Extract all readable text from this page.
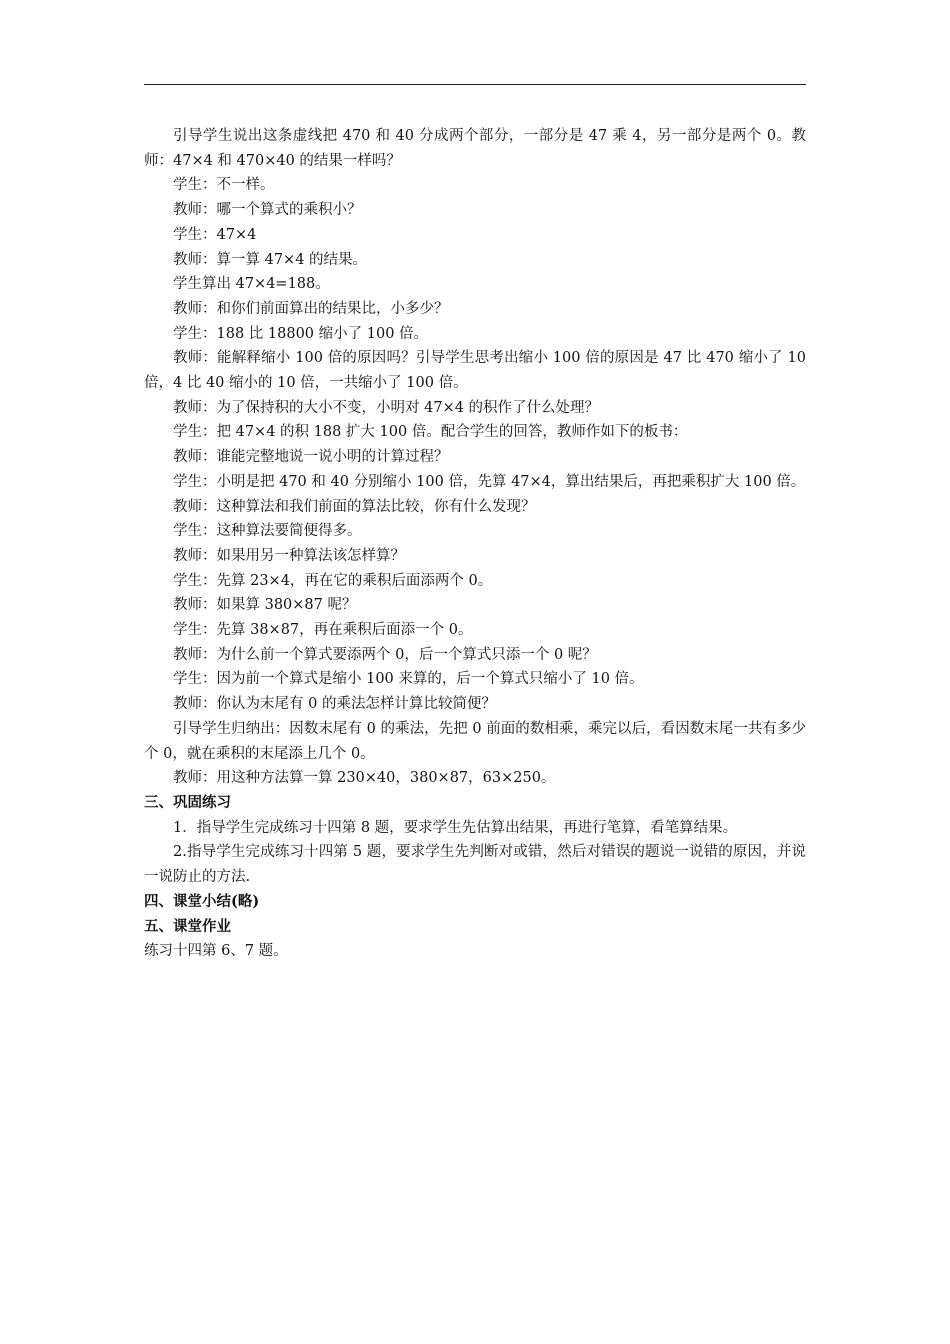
引导学生说出这条虚线把 470 和 40 分成两个部分，一部分是 47 乘 4，另一部分是两个 0。教师：47×4 和 470×40 的结果一样吗？

学生：不一样。

教师：哪一个算式的乘积小？

学生：47×4

教师：算一算 47×4 的结果。

学生算出 47×4=188。

教师：和你们前面算出的结果比，小多少？

学生：188 比 18800 缩小了 100 倍。

教师：能解释缩小 100 倍的原因吗？引导学生思考出缩小 100 倍的原因是 47 比 470 缩小了 10 倍，4 比 40 缩小的 10 倍，一共缩小了 100 倍。

教师：为了保持积的大小不变，小明对 47×4 的积作了什么处理？

学生：把 47×4 的积 188 扩大 100 倍。配合学生的回答，教师作如下的板书：

教师：谁能完整地说一说小明的计算过程？

学生：小明是把 470 和 40 分别缩小 100 倍，先算 47×4，算出结果后，再把乘积扩大 100 倍。

教师：这种算法和我们前面的算法比较，你有什么发现？

学生：这种算法要简便得多。

教师：如果用另一种算法该怎样算？

学生：先算 23×4，再在它的乘积后面添两个 0。

教师：如果算 380×87 呢？

学生：先算 38×87，再在乘积后面添一个 0。

教师：为什么前一个算式要添两个 0，后一个算式只添一个 0 呢？

学生：因为前一个算式是缩小 100 来算的，后一个算式只缩小了 10 倍。

教师：你认为末尾有 0 的乘法怎样计算比较简便？

引导学生归纳出：因数末尾有 0 的乘法，先把 0 前面的数相乘，乘完以后，看因数末尾一共有多少个 0，就在乘积的末尾添上几个 0。

教师：用这种方法算一算 230×40，380×87，63×250。

三、巩固练习

1．指导学生完成练习十四第 8 题，要求学生先估算出结果，再进行笔算，看笔算结果。

2.指导学生完成练习十四第 5 题，要求学生先判断对或错，然后对错误的题说一说错的原因，并说一说防止的方法.

四、课堂小结(略)

五、课堂作业

练习十四第 6、7 题。
